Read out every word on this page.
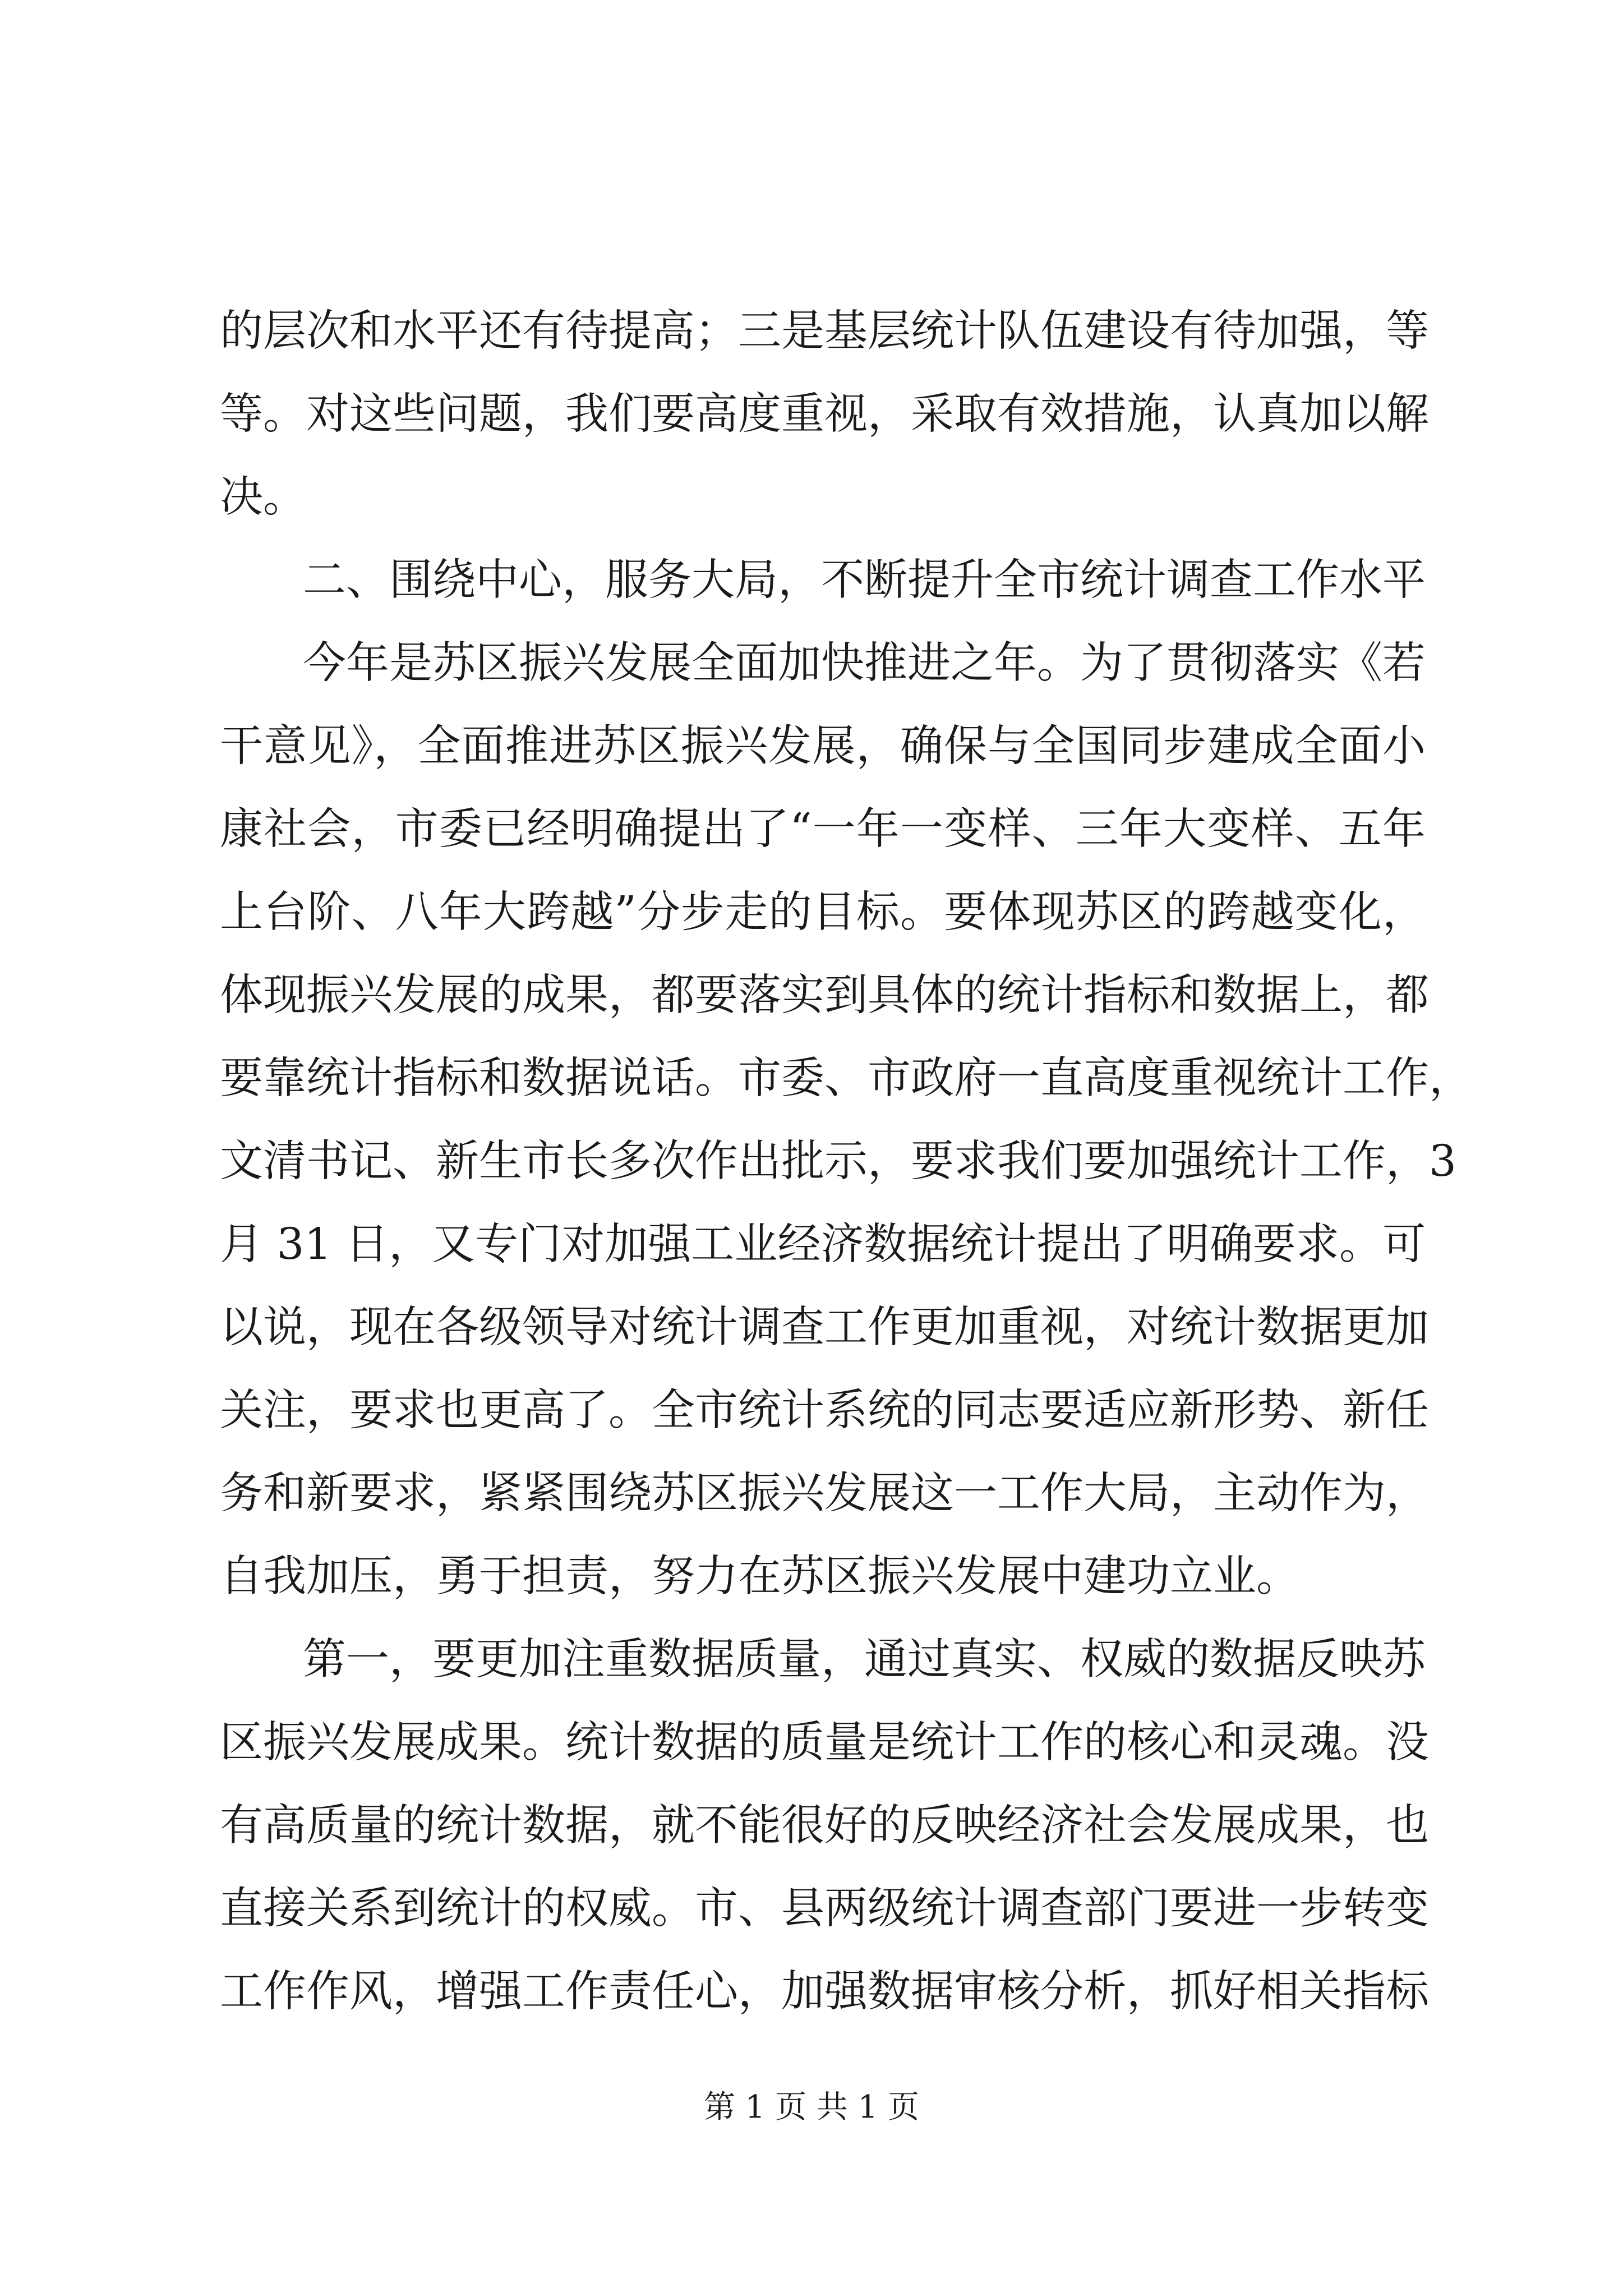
的层次和水平还有待提高；三是基层统计队伍建设有待加强，等
等。对这些问题，我们要高度重视，采取有效措施，认真加以解
决。
二、围绕中心，服务大局，不断提升全市统计调查工作水平
今年是苏区振兴发展全面加快推进之年。为了贯彻落实《若
干意见》，全面推进苏区振兴发展，确保与全国同步建成全面小
康社会，市委已经明确提出了“一年一变样、三年大变样、五年
上台阶、八年大跨越”分步走的目标。要体现苏区的跨越变化，
体现振兴发展的成果，都要落实到具体的统计指标和数据上，都
要靠统计指标和数据说话。市委、市政府一直高度重视统计工作，
文清书记、新生市长多次作出批示，要求我们要加强统计工作，3
月 31 日，又专门对加强工业经济数据统计提出了明确要求。可
以说，现在各级领导对统计调查工作更加重视，对统计数据更加
关注，要求也更高了。全市统计系统的同志要适应新形势、新任
务和新要求，紧紧围绕苏区振兴发展这一工作大局，主动作为，
自我加压，勇于担责，努力在苏区振兴发展中建功立业。
第一，要更加注重数据质量，通过真实、权威的数据反映苏
区振兴发展成果。统计数据的质量是统计工作的核心和灵魂。没
有高质量的统计数据，就不能很好的反映经济社会发展成果，也
直接关系到统计的权威。市、县两级统计调查部门要进一步转变
工作作风，增强工作责任心，加强数据审核分析，抓好相关指标
第 1 页 共 1 页
